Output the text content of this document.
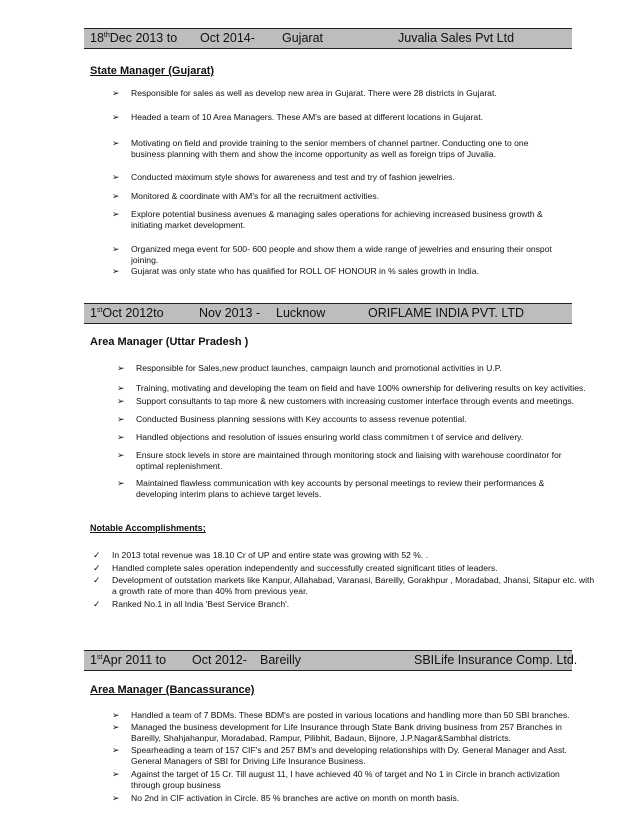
18thDec 2013 to Oct 2014- Gujarat	Juvalia Sales Pvt Ltd
State Manager (Gujarat)
➢ Responsible for sales as well as develop new area in Gujarat. There were 28 districts in Gujarat.
➢ Headed a team of 10 Area Managers. These AM's are based at different locations in Gujarat.
➢ Motivating on field and provide training to the senior members of channel partner. Conducting one to one business planning with them and show the income opportunity as well as foreign trips of Juvalia.
➢ Conducted maximum style shows for awareness and test and try of fashion jewelries.
➢ Monitored & coordinate with AM's for all the recruitment activities.
➢ Explore potential business avenues & managing sales operations for achieving increased business growth & initiating market development.
➢ Organized mega event for 500- 600 people and show them a wide range of jewelries and ensuring their onspot joining.
➢ Gujarat was only state who has qualified for ROLL OF HONOUR in % sales growth in India.
1stOct 2012to	Nov 2013 - Lucknow	ORIFLAME INDIA PVT. LTD
Area Manager (Uttar Pradesh )
➢ Responsible for Sales,new product launches, campaign launch and promotional activities in U.P.
➢ Training, motivating and developing the team on field and have 100% ownership for delivering results on key activities.
➢ Support consultants to tap more & new customers with increasing customer interface through events and meetings.
➢ Conducted Business planning sessions with Key accounts to assess revenue potential.
➢ Handled objections and resolution of issues ensuring world class commitmen t of service and delivery.
➢ Ensure stock levels in store are maintained through monitoring stock and liaising with warehouse coordinator for optimal replenishment.
➢ Maintained flawless communication with key accounts by personal meetings to review their performances & developing interim plans to achieve target levels.
Notable Accomplishments;
✓ In 2013 total revenue was 18.10 Cr of UP and entire state was growing with 52 %. .
✓ Handled complete sales operation independently and successfully created significant titles of leaders.
✓ Development of outstation markets like Kanpur, Allahabad, Varanasi, Bareilly, Gorakhpur , Moradabad, Jhansi, Sitapur etc. with a growth rate of more than 40% from previous year.
✓ Ranked No.1 in all India 'Best Service Branch'.
1stApr 2011 to Oct 2012- Bareilly	SBILife Insurance Comp. Ltd.
Area Manager (Bancassurance)
➢ Handled a team of 7 BDMs. These BDM's are posted in various locations and handling more than 50 SBI branches.
➢ Managed the business development for Life Insurance through State Bank driving business from 257 Branches in Bareilly, Shahjahanpur, Moradabad, Rampur, Pilibhit, Badaun, Bijnore, J.P.Nagar&Sambhal districts.
➢ Spearheading a team of 157 CIF's and 257 BM's and developing relationships with Dy. General Manager and Asst. General Managers of SBI for Driving Life Insurance Business.
➢ Against the target of 15 Cr. Till august 11, I have achieved 40 % of target and No 1 in Circle in branch activization through group business
➢ No 2nd in CIF activation in Circle. 85 % branches are active on month on month basis.
